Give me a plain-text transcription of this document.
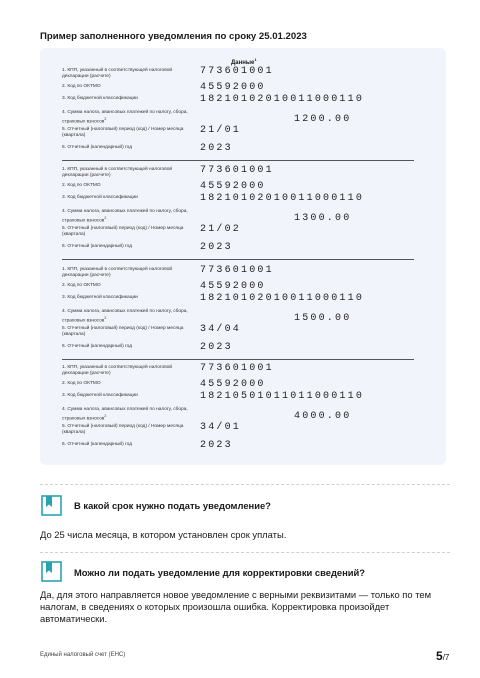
Пример заполненного уведомления по сроку 25.01.2023
Данные$^1$
1. КПП, указанный в соответствующей налоговой декларации (расчете)	773601001
2. Код по ОКТМО	45592000
3. Код бюджетной классификации	18210102010011000110
4. Сумма налога, авансовых платежей по налогу, сбора, страховых взносов$^2$	1200.00
5. Отчетный (налоговый) период (код) / Номер месяца (квартала)	21/01
6. Отчетный (календарный) год	2023
1. КПП, указанный в соответствующей налоговой декларации (расчете)	773601001
2. Код по ОКТМО	45592000
3. Код бюджетной классификации	18210102010011000110
4. Сумма налога, авансовых платежей по налогу, сбора, страховых взносов$^2$	1300.00
5. Отчетный (налоговый) период (код) / Номер месяца (квартала)	21/02
6. Отчетный (календарный) год	2023
1. КПП, указанный в соответствующей налоговой декларации (расчете)	773601001
2. Код по ОКТМО	45592000
3. Код бюджетной классификации	18210102010011000110
4. Сумма налога, авансовых платежей по налогу, сбора, страховых взносов$^2$	1500.00
5. Отчетный (налоговый) период (код) / Номер месяца (квартала)	34/04
6. Отчетный (календарный) год	2023
1. КПП, указанный в соответствующей налоговой декларации (расчете)	773601001
2. Код по ОКТМО	45592000
3. Код бюджетной классификации	18210501011011000110
4. Сумма налога, авансовых платежей по налогу, сбора, страховых взносов$^2$	4000.00
5. Отчетный (налоговый) период (код) / Номер месяца (квартала)	34/01
6. Отчетный (календарный) год	2023
В какой срок нужно подать уведомление?
До 25 числа месяца, в котором установлен срок уплаты.
Можно ли подать уведомление для корректировки сведений?
Да, для этого направляется новое уведомление с верными реквизитами — только по тем налогам, в сведениях о которых произошла ошибка. Корректировка произойдет автоматически.
Единый налоговый счет (ЕНС)	5/7
